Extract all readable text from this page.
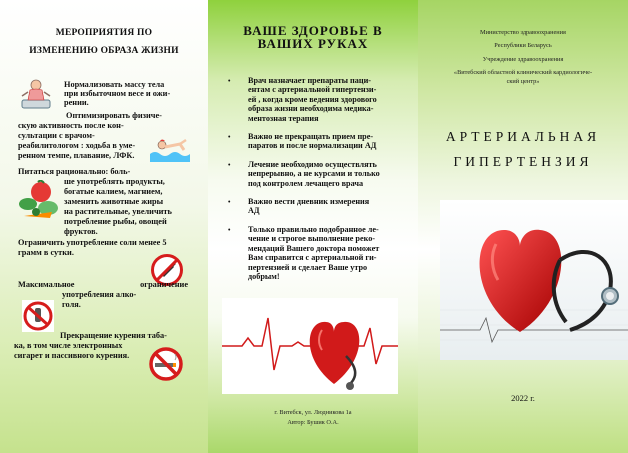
МЕРОПРИЯТИЯ ПО
ИЗМЕНЕНИЮ ОБРАЗА ЖИЗНИ
Нормализовать массу тела
при избыточном весе и ожи-
рении.
Оптимизировать физиче-
скую активность после кон-
сультации с врачом-
реабилитологом : ходьба в уме-
ренном темпе, плавание, ЛФК.
Питаться рационально: боль-
ше употреблять продукты,
богатые калием, магнием,
заменить животные жиры
на растительные, увеличить
потребление рыбы, овощей
фруктов.
Ограничить употребление соли менее 5
грамм в сутки.
Максимальное ограничение
употребления алко-
голя.
Прекращение курения таба-
ка, в том числе электронных
сигарет и пассивного курения.
ВАШЕ ЗДОРОВЬЕ В
ВАШИХ РУКАХ
• Врач назначает препараты паци-
ентам с артериальной гипертензи-
ей , когда кроме ведения здорового
образа жизни необходима медика-
ментозная терапия
• Важно не прекращать прием пре-
паратов и после нормализации АД
• Лечение необходимо осуществлять
непрерывно, а не курсами и только
под контролем лечащего врача
• Важно вести дневник измерения
АД
• Только правильно подобранное ле-
чение и строгое выполнение реко-
мендаций Вашего доктора поможет
Вам справится с артериальной ги-
пертензией и сделает Ваше утро
добрым!
г. Витебск, ул. Людникова 1а
Автор: Бушик О.А.
Министерство здравоохранения
Республики Беларусь
Учреждение здравоохранения
«Витебский областной клинический кардиологиче-
ский центр»
АРТЕРИАЛЬНАЯ
ГИПЕРТЕНЗИЯ
2022 г.
